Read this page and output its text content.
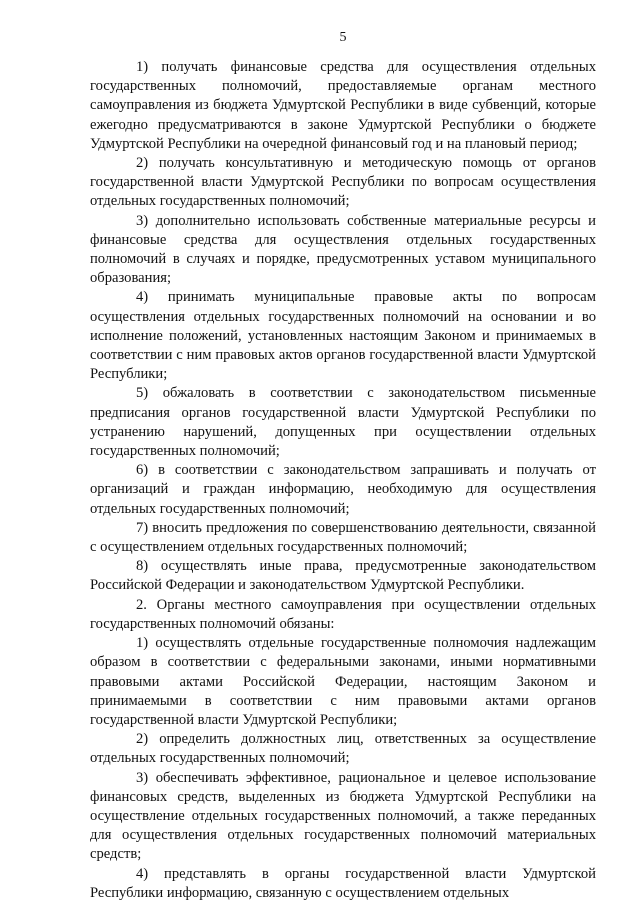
5

1) получать финансовые средства для осуществления отдельных государственных полномочий, предоставляемые органам местного самоуправления из бюджета Удмуртской Республики в виде субвенций, которые ежегодно предусматриваются в законе Удмуртской Республики о бюджете Удмуртской Республики на очередной финансовый год и на плановый период;

2) получать консультативную и методическую помощь от органов государственной власти Удмуртской Республики по вопросам осуществления отдельных государственных полномочий;

3) дополнительно использовать собственные материальные ресурсы и финансовые средства для осуществления отдельных государственных полномочий в случаях и порядке, предусмотренных уставом муниципального образования;

4) принимать муниципальные правовые акты по вопросам осуществления отдельных государственных полномочий на основании и во исполнение положений, установленных настоящим Законом и принимаемых в соответствии с ним правовых актов органов государственной власти Удмуртской Республики;

5) обжаловать в соответствии с законодательством письменные предписания органов государственной власти Удмуртской Республики по устранению нарушений, допущенных при осуществлении отдельных государственных полномочий;

6) в соответствии с законодательством запрашивать и получать от организаций и граждан информацию, необходимую для осуществления отдельных государственных полномочий;

7) вносить предложения по совершенствованию деятельности, связанной с осуществлением отдельных государственных полномочий;

8) осуществлять иные права, предусмотренные законодательством Российской Федерации и законодательством Удмуртской Республики.

2. Органы местного самоуправления при осуществлении отдельных государственных полномочий обязаны:

1) осуществлять отдельные государственные полномочия надлежащим образом в соответствии с федеральными законами, иными нормативными правовыми актами Российской Федерации, настоящим Законом и принимаемыми в соответствии с ним правовыми актами органов государственной власти Удмуртской Республики;

2) определить должностных лиц, ответственных за осуществление отдельных государственных полномочий;

3) обеспечивать эффективное, рациональное и целевое использование финансовых средств, выделенных из бюджета Удмуртской Республики на осуществление отдельных государственных полномочий, а также переданных для осуществления отдельных государственных полномочий материальных средств;

4) представлять в органы государственной власти Удмуртской Республики информацию, связанную с осуществлением отдельных
